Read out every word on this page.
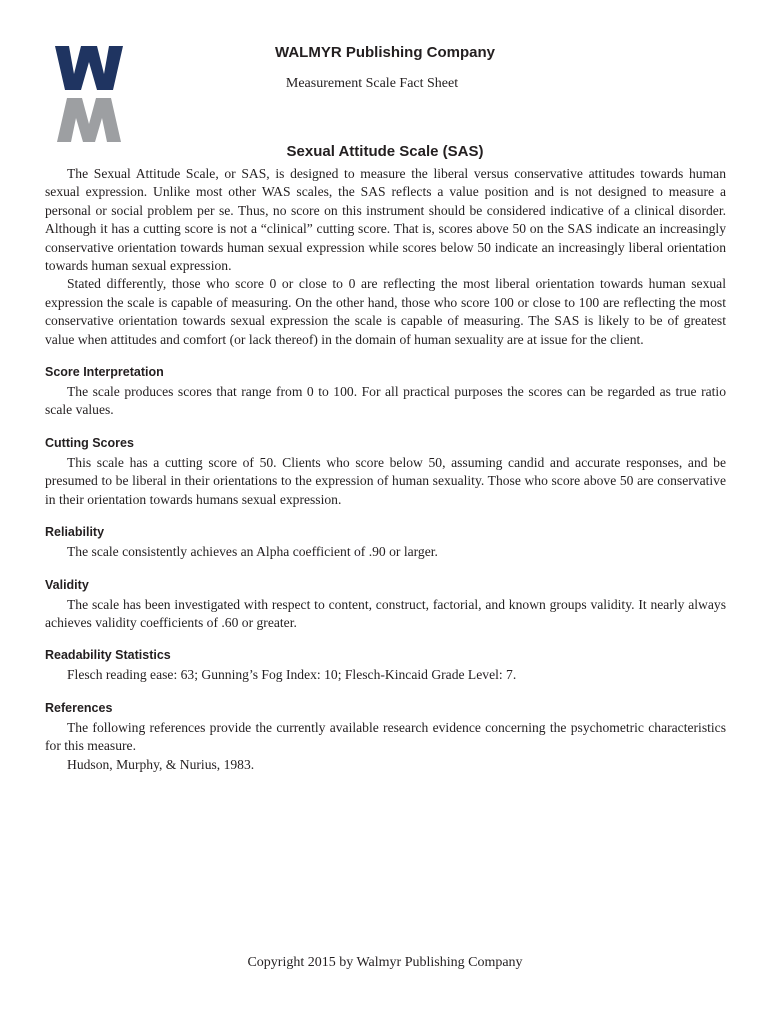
WALMYR Publishing Company
Measurement Scale Fact Sheet
Sexual Attitude Scale (SAS)

The Sexual Attitude Scale, or SAS, is designed to measure the liberal versus conservative attitudes towards human sexual expression. Unlike most other WAS scales, the SAS reflects a value position and is not designed to measure a personal or social problem per se. Thus, no score on this instrument should be considered indicative of a clinical disorder. Although it has a cutting score is not a “clinical” cutting score. That is, scores above 50 on the SAS indicate an increasingly conservative orientation towards human sexual expression while scores below 50 indicate an increasingly liberal orientation towards human sexual expression.

Stated differently, those who score 0 or close to 0 are reflecting the most liberal orientation towards human sexual expression the scale is capable of measuring. On the other hand, those who score 100 or close to 100 are reflecting the most conservative orientation towards sexual expression the scale is capable of measuring. The SAS is likely to be of greatest value when attitudes and comfort (or lack thereof) in the domain of human sexuality are at issue for the client.

Score Interpretation

The scale produces scores that range from 0 to 100. For all practical purposes the scores can be regarded as true ratio scale values.

Cutting Scores

This scale has a cutting score of 50. Clients who score below 50, assuming candid and accurate responses, and be presumed to be liberal in their orientations to the expression of human sexuality. Those who score above 50 are conservative in their orientation towards humans sexual expression.

Reliability

The scale consistently achieves an Alpha coefficient of .90 or larger.

Validity

The scale has been investigated with respect to content, construct, factorial, and known groups validity. It nearly always achieves validity coefficients of .60 or greater.

Readability Statistics

Flesch reading ease: 63; Gunning’s Fog Index: 10; Flesch-Kincaid Grade Level: 7.

References

The following references provide the currently available research evidence concerning the psychometric characteristics for this measure.

Hudson, Murphy, & Nurius, 1983.

Copyright 2015 by Walmyr Publishing Company
